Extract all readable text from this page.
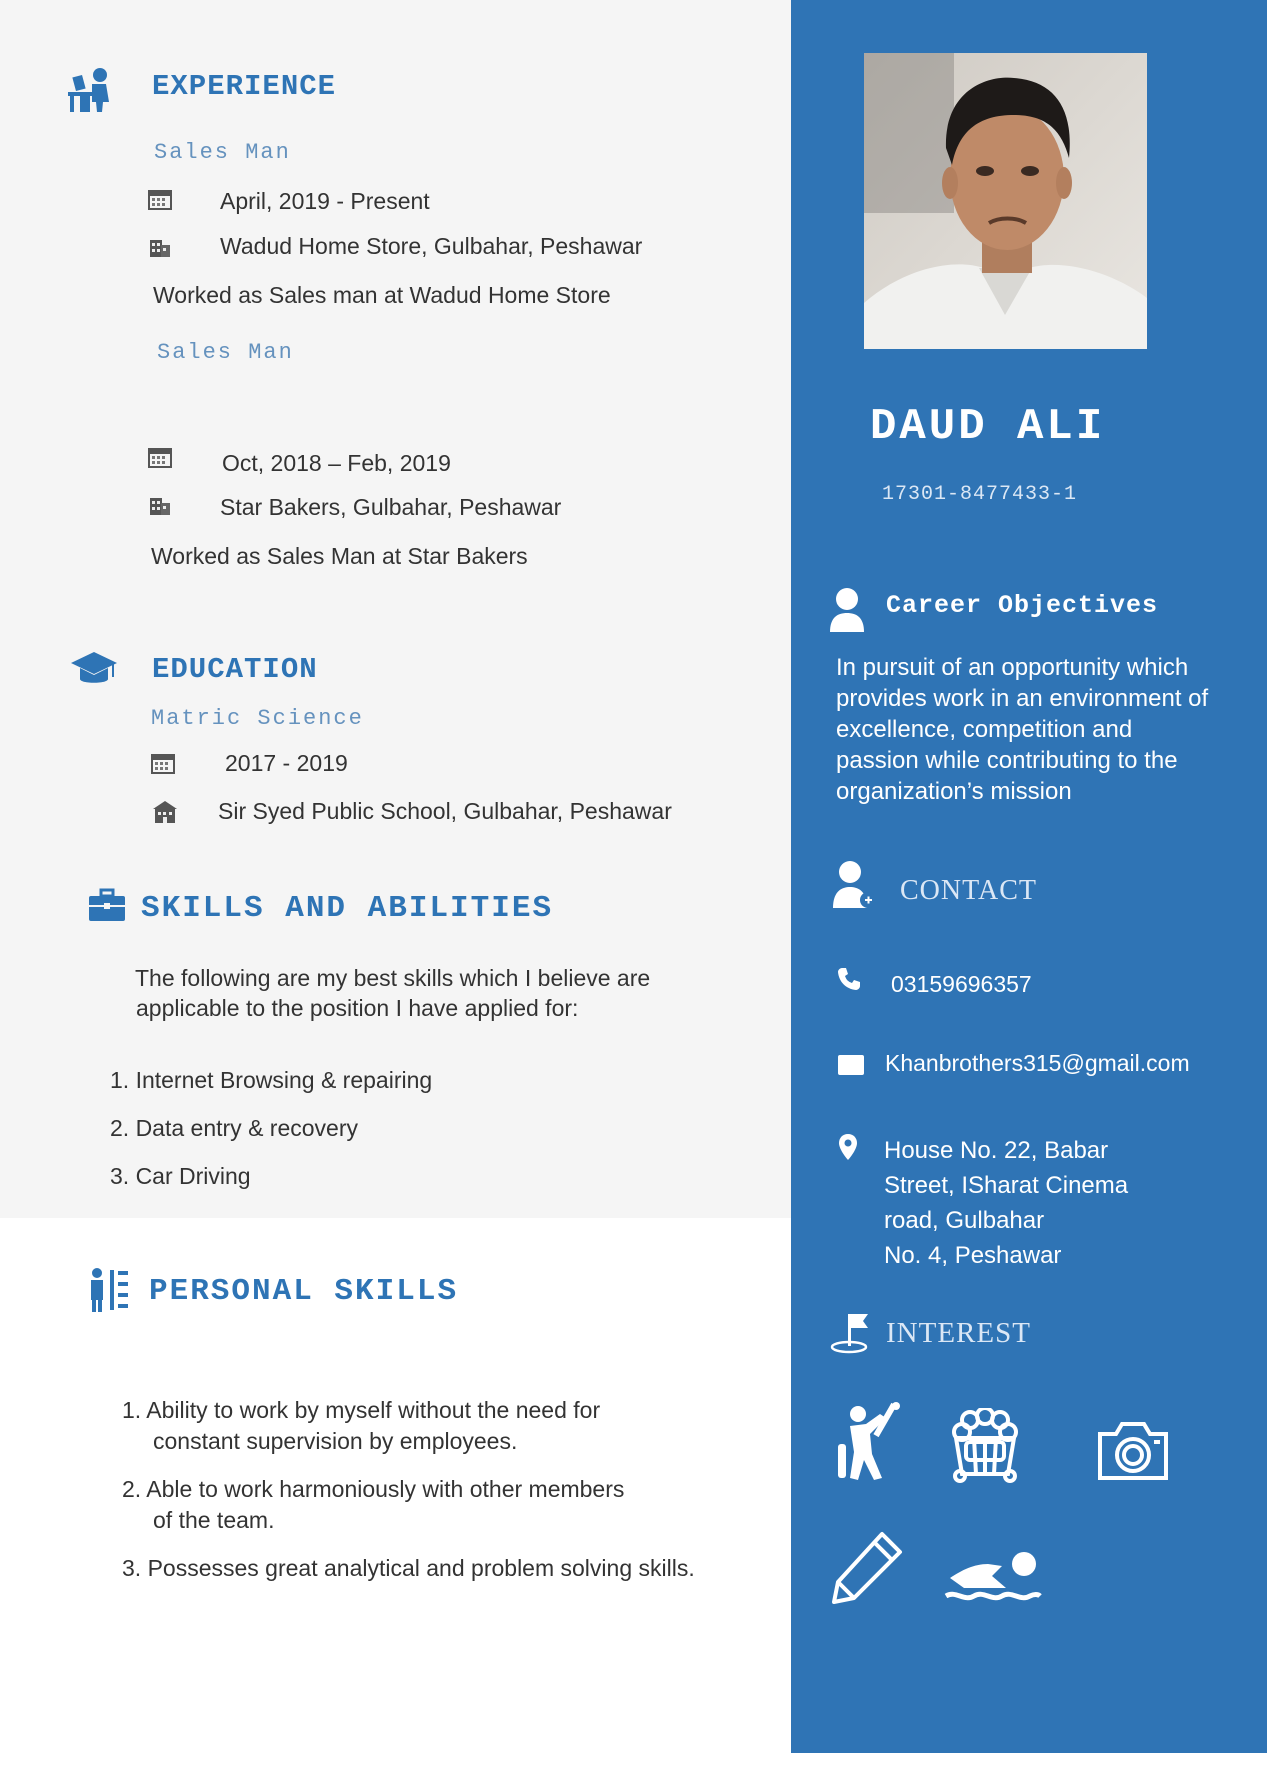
EXPERIENCE
Sales Man
April, 2019 - Present
Wadud Home Store, Gulbahar, Peshawar
Worked as Sales man at Wadud Home Store
Sales Man
Oct, 2018 – Feb, 2019
Star Bakers, Gulbahar, Peshawar
Worked as Sales Man at Star Bakers
EDUCATION
Matric Science
2017 - 2019
Sir Syed Public School, Gulbahar, Peshawar
SKILLS AND ABILITIES
The following are my best skills which I believe are
applicable to the position I have applied for:
1. Internet Browsing & repairing
2. Data entry & recovery
3. Car Driving
PERSONAL SKILLS
1. Ability to work by myself without the need for
constant supervision by employees.
2. Able to work harmoniously with other members
of the team.
3. Possesses great analytical and problem solving skills.
DAUD ALI
17301-8477433-1
Career Objectives
In pursuit of an opportunity which
provides work in an environment of
excellence, competition and
passion while contributing to the
organization’s mission
CONTACT
03159696357
Khanbrothers315@gmail.com
House No. 22, Babar
Street, ISharat Cinema
road, Gulbahar
No. 4, Peshawar
INTEREST
